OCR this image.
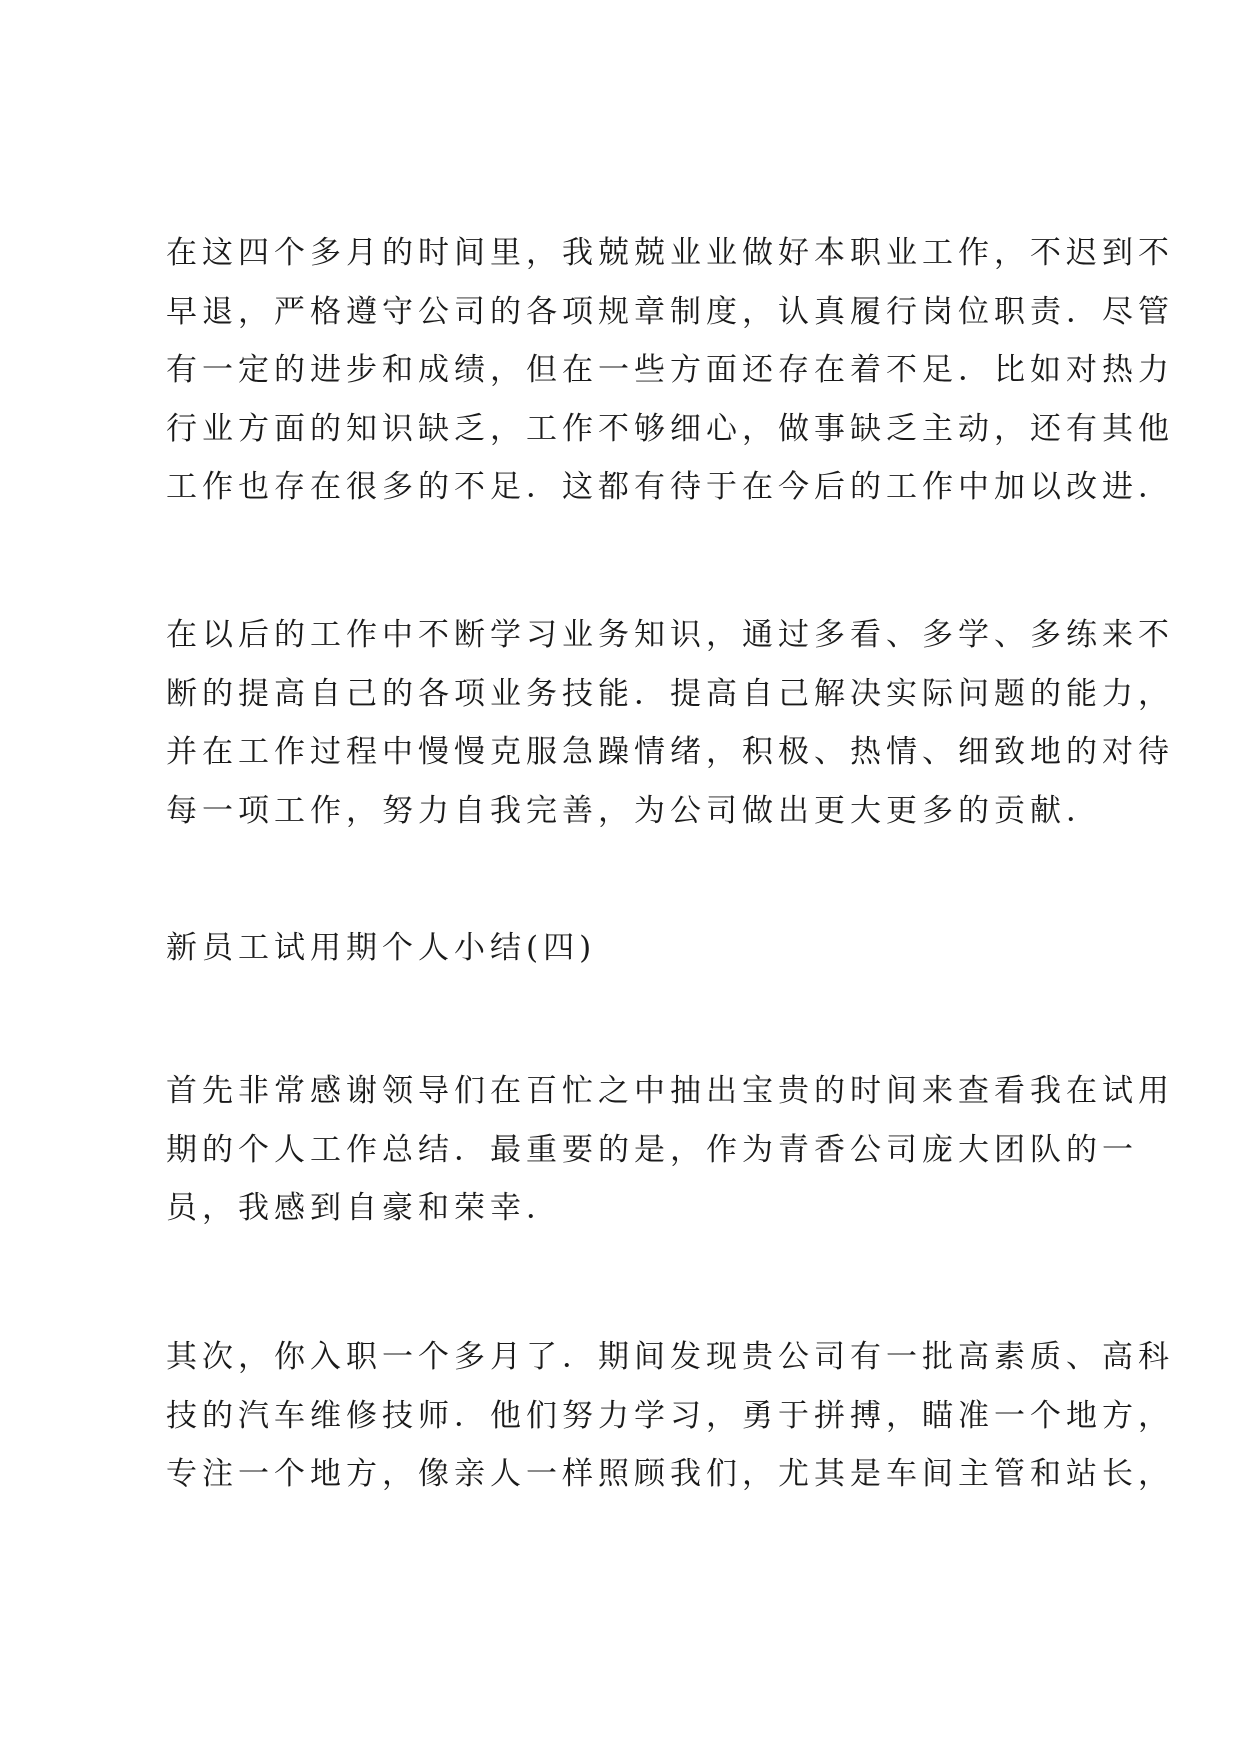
在这四个多月的时间里，我兢兢业业做好本职业工作，不迟到不
早退，严格遵守公司的各项规章制度，认真履行岗位职责．尽管
有一定的进步和成绩，但在一些方面还存在着不足．比如对热力
行业方面的知识缺乏，工作不够细心，做事缺乏主动，还有其他
工作也存在很多的不足．这都有待于在今后的工作中加以改进．
在以后的工作中不断学习业务知识，通过多看、多学、多练来不
断的提高自己的各项业务技能．提高自己解决实际问题的能力，
并在工作过程中慢慢克服急躁情绪，积极、热情、细致地的对待
每一项工作，努力自我完善，为公司做出更大更多的贡献．
新员工试用期个人小结(四)
首先非常感谢领导们在百忙之中抽出宝贵的时间来查看我在试用
期的个人工作总结．最重要的是，作为青香公司庞大团队的一
员，我感到自豪和荣幸．
其次，你入职一个多月了．期间发现贵公司有一批高素质、高科
技的汽车维修技师．他们努力学习，勇于拼搏，瞄准一个地方，
专注一个地方，像亲人一样照顾我们，尤其是车间主管和站长，
